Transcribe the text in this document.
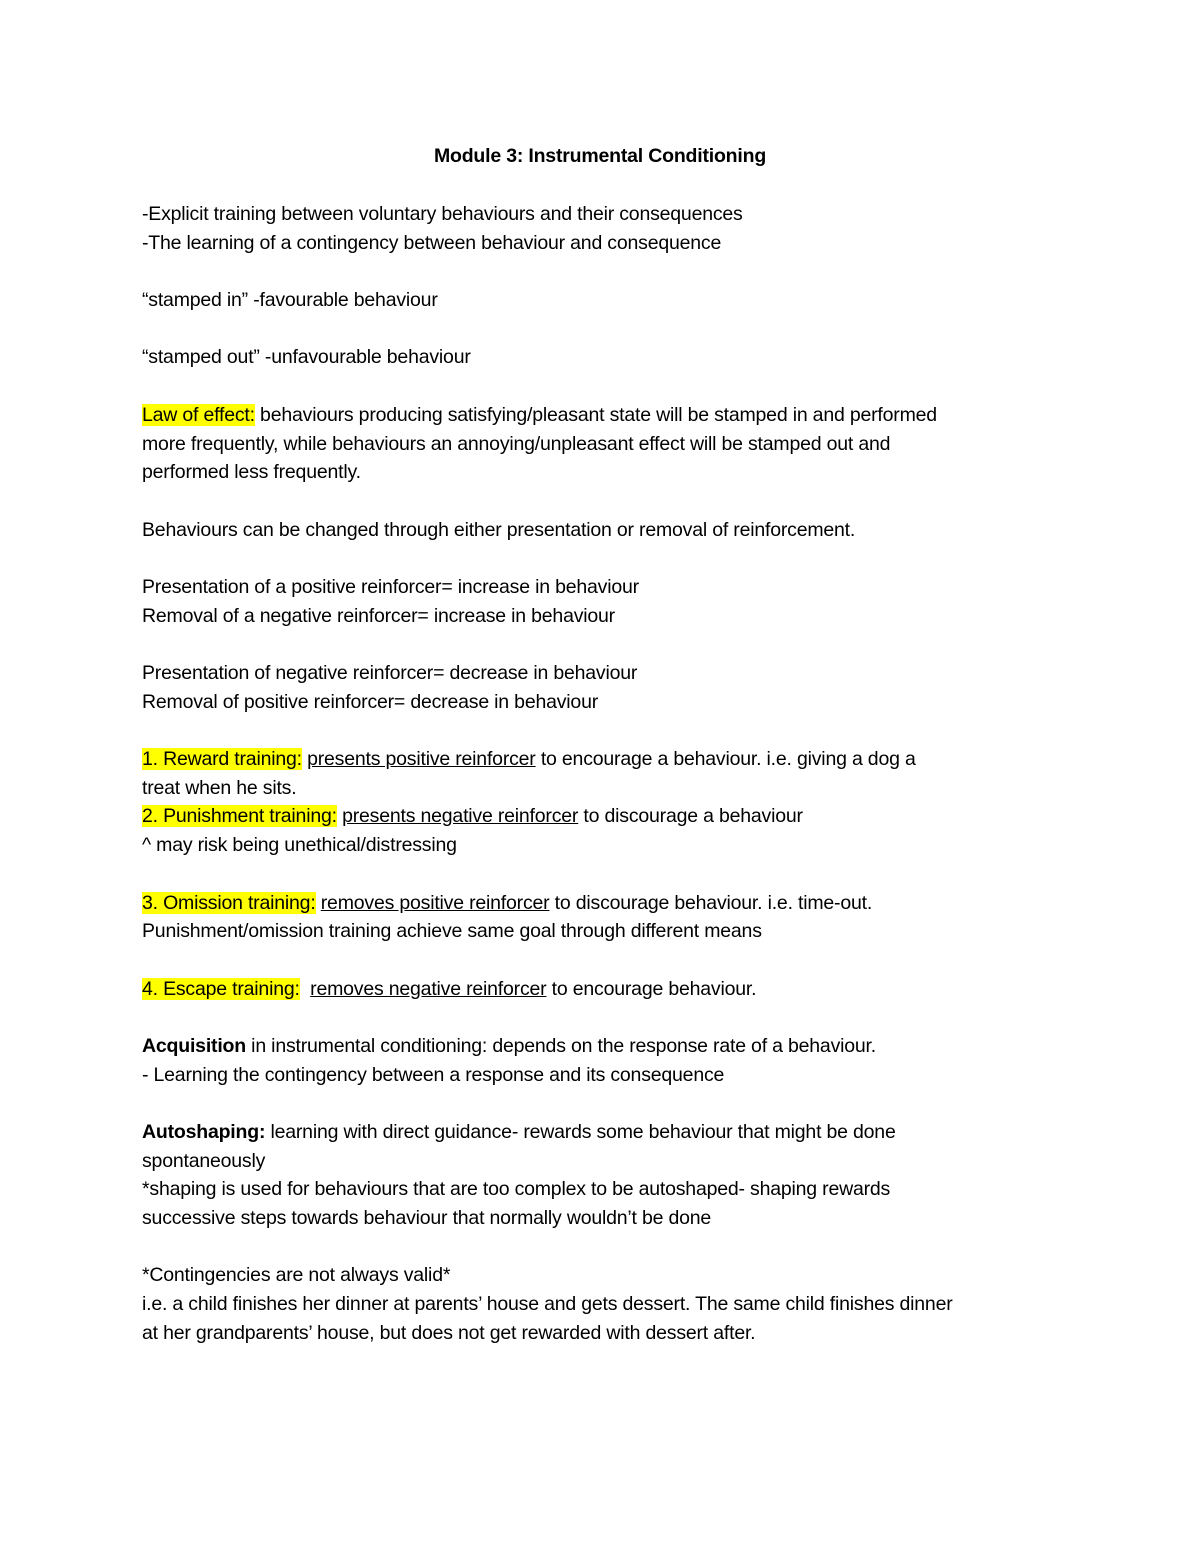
Module 3: Instrumental Conditioning
-Explicit training between voluntary behaviours and their consequences
-The learning of a contingency between behaviour and consequence
“stamped in” -favourable behaviour
“stamped out” -unfavourable behaviour
Law of effect: behaviours producing satisfying/pleasant state will be stamped in and performed
more frequently, while behaviours an annoying/unpleasant effect will be stamped out and
performed less frequently.
Behaviours can be changed through either presentation or removal of reinforcement.
Presentation of a positive reinforcer= increase in behaviour
Removal of a negative reinforcer= increase in behaviour
Presentation of negative reinforcer= decrease in behaviour
Removal of positive reinforcer= decrease in behaviour
1. Reward training: presents positive reinforcer to encourage a behaviour. i.e. giving a dog a
treat when he sits.
2. Punishment training: presents negative reinforcer to discourage a behaviour
^ may risk being unethical/distressing
3. Omission training: removes positive reinforcer to discourage behaviour. i.e. time-out.
Punishment/omission training achieve same goal through different means
4. Escape training: removes negative reinforcer to encourage behaviour.
Acquisition in instrumental conditioning: depends on the response rate of a behaviour.
- Learning the contingency between a response and its consequence
Autoshaping: learning with direct guidance- rewards some behaviour that might be done
spontaneously
*shaping is used for behaviours that are too complex to be autoshaped- shaping rewards
successive steps towards behaviour that normally wouldn’t be done
*Contingencies are not always valid*
i.e. a child finishes her dinner at parents’ house and gets dessert. The same child finishes dinner
at her grandparents’ house, but does not get rewarded with dessert after.
